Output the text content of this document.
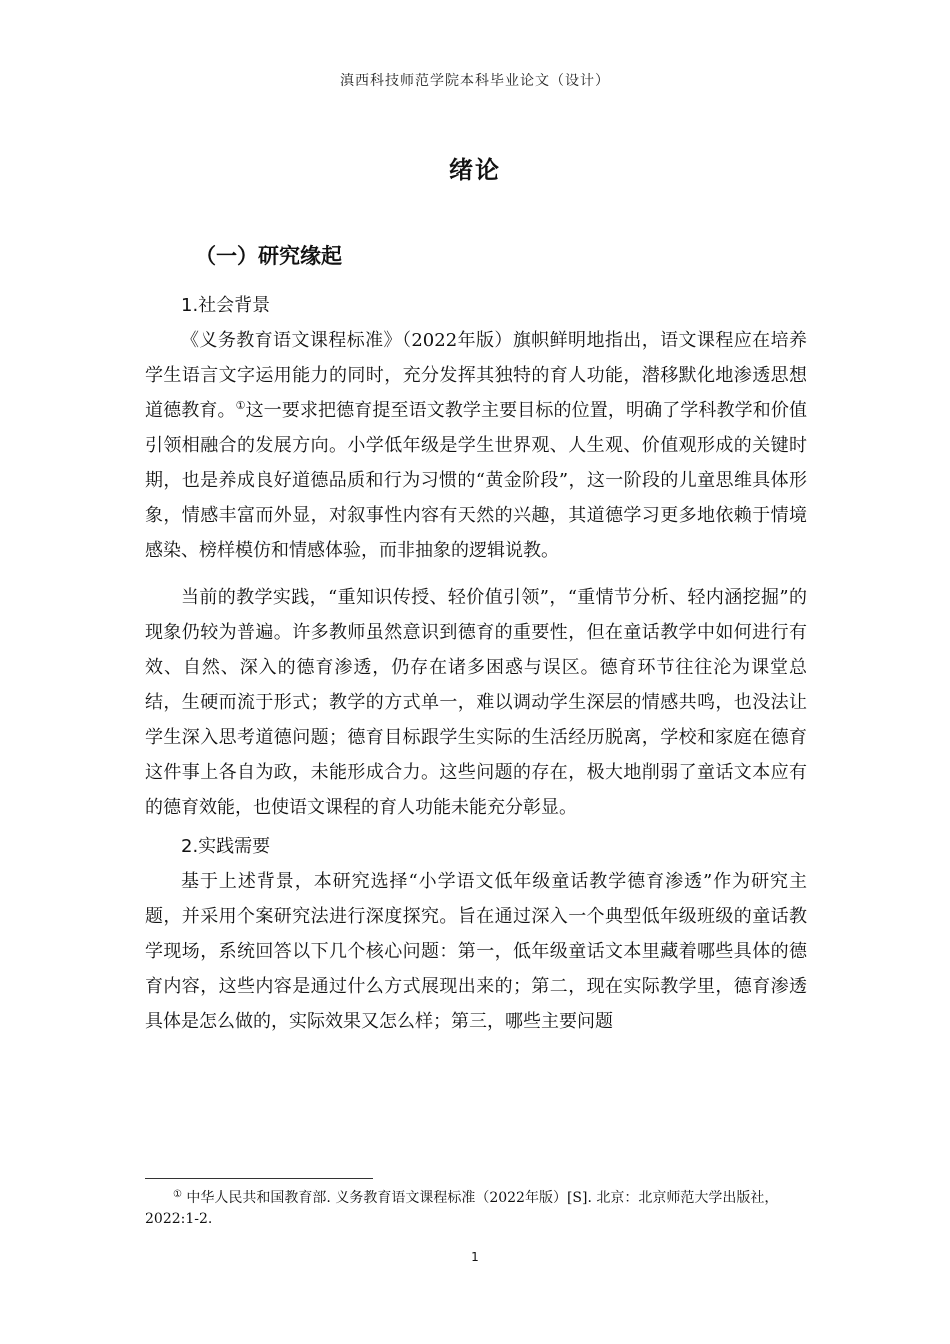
滇西科技师范学院本科毕业论文（设计）
绪论
（一）研究缘起
1.社会背景

《义务教育语文课程标准》（2022年版）旗帜鲜明地指出，语文课程应在培养学生语言文字运用能力的同时，充分发挥其独特的育人功能，潜移默化地渗透思想道德教育。①这一要求把德育提至语文教学主要目标的位置，明确了学科教学和价值引领相融合的发展方向。小学低年级是学生世界观、人生观、价值观形成的关键时期，也是养成良好道德品质和行为习惯的“黄金阶段”，这一阶段的儿童思维具体形象，情感丰富而外显，对叙事性内容有天然的兴趣，其道德学习更多地依赖于情境感染、榜样模仿和情感体验，而非抽象的逻辑说教。

当前的教学实践，“重知识传授、轻价值引领”，“重情节分析、轻内涵挖掘”的现象仍较为普遍。许多教师虽然意识到德育的重要性，但在童话教学中如何进行有效、自然、深入的德育渗透，仍存在诸多困惑与误区。德育环节往往沦为课堂总结，生硬而流于形式；教学的方式单一，难以调动学生深层的情感共鸣，也没法让学生深入思考道德问题；德育目标跟学生实际的生活经历脱离，学校和家庭在德育这件事上各自为政，未能形成合力。这些问题的存在，极大地削弱了童话文本应有的德育效能，也使语文课程的育人功能未能充分彰显。

2.实践需要

基于上述背景，本研究选择“小学语文低年级童话教学德育渗透”作为研究主题，并采用个案研究法进行深度探究。旨在通过深入一个典型低年级班级的童话教学现场，系统回答以下几个核心问题：第一，低年级童话文本里藏着哪些具体的德育内容，这些内容是通过什么方式展现出来的；第二，现在实际教学里，德育渗透具体是怎么做的，实际效果又怎么样；第三，哪些主要问题

① 中华人民共和国教育部. 义务教育语文课程标准（2022年版）[S]. 北京：北京师范大学出版社，2022:1-2.
1
